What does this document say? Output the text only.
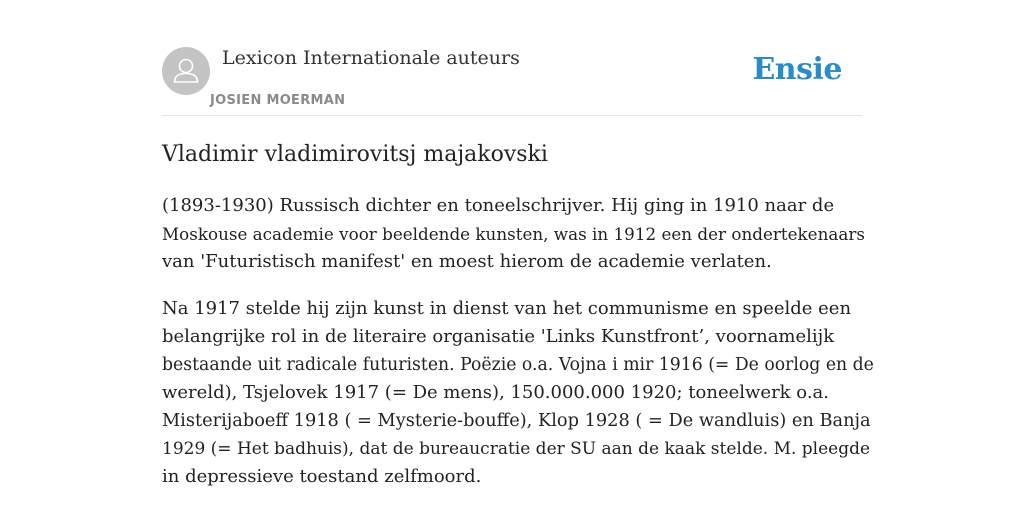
Lexicon Internationale auteurs
JOSIEN MOERMAN
Ensie
Vladimir vladimirovitsj majakovski

(1893-1930) Russisch dichter en toneelschrijver. Hij ging in 1910 naar de
Moskouse academie voor beeldende kunsten, was in 1912 een der ondertekenaars
van 'Futuristisch manifest' en moest hierom de academie verlaten.

Na 1917 stelde hij zijn kunst in dienst van het communisme en speelde een
belangrijke rol in de literaire organisatie 'Links Kunstfront’, voornamelijk
bestaande uit radicale futuristen. Poëzie o.a. Vojna i mir 1916 (= De oorlog en de
wereld), Tsjelovek 1917 (= De mens), 150.000.000 1920; toneelwerk o.a.
Misterijaboeff 1918 ( = Mysterie-bouffe), Klop 1928 ( = De wandluis) en Banja
1929 (= Het badhuis), dat de bureaucratie der SU aan de kaak stelde. M. pleegde
in depressieve toestand zelfmoord.
